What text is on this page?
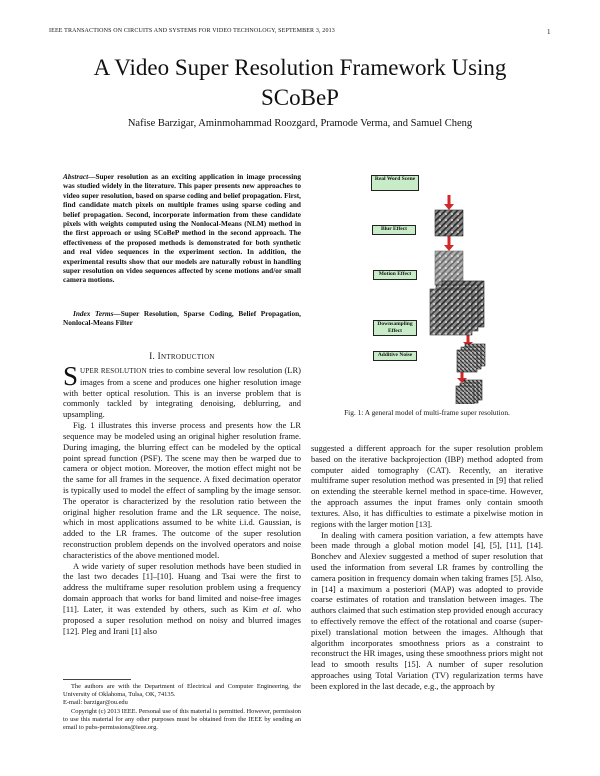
IEEE TRANSACTIONS ON CIRCUITS AND SYSTEMS FOR VIDEO TECHNOLOGY, SEPTEMBER 3, 2013	1
A Video Super Resolution Framework Using
SCoBeP
Nafise Barzigar, Aminmohammad Roozgard, Pramode Verma, and Samuel Cheng
Abstract—Super resolution as an exciting application in image processing was studied widely in the literature. This paper presents new approaches to video super resolution, based on sparse coding and belief propagation. First, find candidate match pixels on multiple frames using sparse coding and belief propagation. Second, incorporate information from these candidate pixels with weights computed using the Nonlocal-Means (NLM) method in the first approach or using SCoBeP method in the second approach. The effectiveness of the proposed methods is demonstrated for both synthetic and real video sequences in the experiment section. In addition, the experimental results show that our models are naturally robust in handling super resolution on video sequences affected by scene motions and/or small camera motions.
Index Terms—Super Resolution, Sparse Coding, Belief Propagation, Nonlocal-Means Filter
I. INTRODUCTION

SUPER RESOLUTION tries to combine several low resolution (LR) images from a scene and produces one higher resolution image with better optical resolution. This is an inverse problem that is commonly tackled by integrating denoising, deblurring, and upsampling.

Fig. 1 illustrates this inverse process and presents how the LR sequence may be modeled using an original higher resolution frame. During imaging, the blurring effect can be modeled by the optical point spread function (PSF). The scene may then be warped due to camera or object motion. Moreover, the motion effect might not be the same for all frames in the sequence. A fixed decimation operator is typically used to model the effect of sampling by the image sensor. The operator is characterized by the resolution ratio between the original higher resolution frame and the LR sequence. The noise, which in most applications assumed to be white i.i.d. Gaussian, is added to the LR frames. The outcome of the super resolution reconstruction problem depends on the involved operators and noise characteristics of the above mentioned model.

A wide variety of super resolution methods have been studied in the last two decades [1]–[10]. Huang and Tsai were the first to address the multiframe super resolution problem using a frequency domain approach that works for band limited and noise-free images [11]. Later, it was extended by others, such as Kim et al. who proposed a super resolution method on noisy and blurred images [12]. Pleg and Irani [1] also

The authors are with the Department of Electrical and Computer Engineering, the University of Oklahoma, Tulsa, OK, 74135.

E-mail: barzigar@ou.edu

Copyright (c) 2013 IEEE. Personal use of this material is permitted. However, permission to use this material for any other purposes must be obtained from the IEEE by sending an email to pubs-permissions@ieee.org.

Real Word Scene
Blur Effect
Motion Effect
Downsampling Effect
Additive Noise
Fig. 1: A general model of multi-frame super resolution.

suggested a different approach for the super resolution problem based on the iterative backprojection (IBP) method adopted from computer aided tomography (CAT). Recently, an iterative multiframe super resolution method was presented in [9] that relied on extending the steerable kernel method in space-time. However, the approach assumes the input frames only contain smooth textures. Also, it has difficulties to estimate a pixelwise motion in regions with the larger motion [13].

In dealing with camera position variation, a few attempts have been made through a global motion model [4], [5], [11], [14]. Bonchev and Alexiev suggested a method of super resolution that used the information from several LR frames by controlling the camera position in frequency domain when taking frames [5]. Also, in [14] a maximum a posteriori (MAP) was adopted to provide coarse estimates of rotation and translation between images. The authors claimed that such estimation step provided enough accuracy to effectively remove the effect of the rotational and coarse (super-pixel) translational motion between the images. Although that algorithm incorporates smoothness priors as a constraint to reconstruct the HR images, using these smoothness priors might not lead to smooth results [15]. A number of super resolution approaches using Total Variation (TV) regularization terms have been explored in the last decade, e.g., the approach by
